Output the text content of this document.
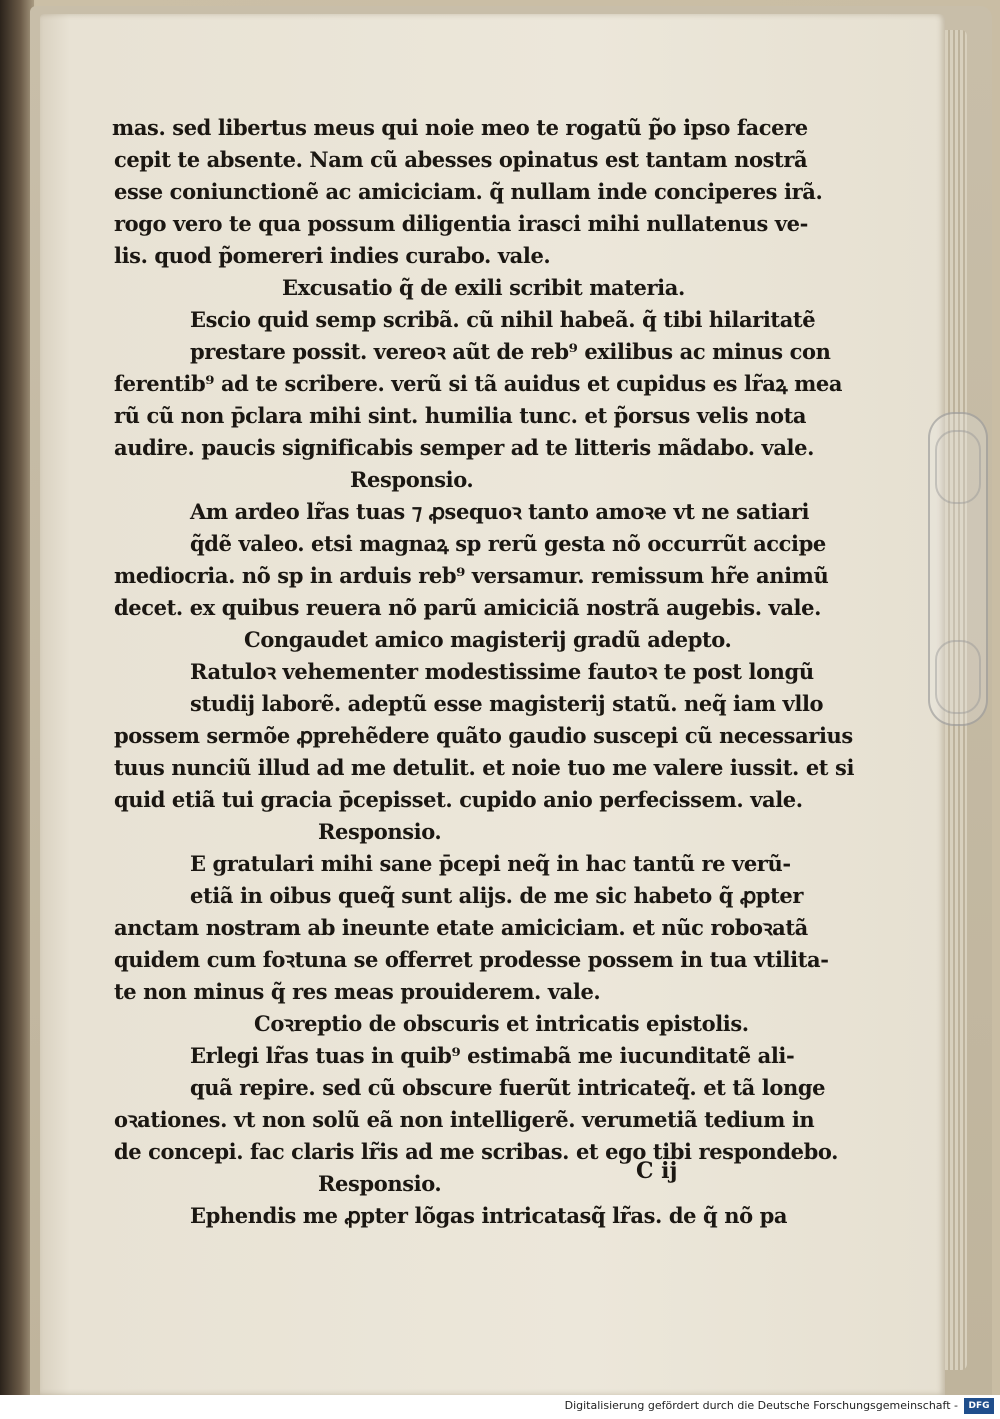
mas. sed libertus meus qui noie meo te rogatũ p̃o ipso facere
cepit te absente. Nam cũ abesses opinatus est tantam nostrã
esse coniunctionẽ ac amiciciam. q̃ nullam inde conciperes irã.
rogo vero te qua possum diligentia irasci mihi nullatenus ve-
lis. quod p̃omereri indies curabo. vale.
Excusatio q̃ de exili scribit materia.
Escio quid semp scribã. cũ nihil habeã. q̃ tibi hilaritatẽ
prestare possit. vereoꝛ aũt de reb⁹ exilibus ac minus con
ferentib⁹ ad te scribere. verũ si tã auidus et cupidus es lr̃aꝝ mea
rũ cũ non p̄clara mihi sint. humilia tunc. et p̃orsus velis nota
audire. paucis significabis semper ad te litteris mãdabo. vale.
Responsio.
Am ardeo lr̃as tuas ⁊ ꝓsequoꝛ tanto amoꝛe vt ne satiari
q̃dẽ valeo. etsi magnaꝝ sp rerũ gesta nõ occurrũt accipe
mediocria. nõ sp in arduis reb⁹ versamur. remissum hr̃e animũ
decet. ex quibus reuera nõ parũ amiciciã nostrã augebis. vale.
Congaudet amico magisterij gradũ adepto.
Ratuloꝛ vehementer modestissime fautoꝛ te post longũ
studij laborẽ. adeptũ esse magisterij statũ. neq̃ iam vllo
possem sermõe ꝓprehẽdere quãto gaudio suscepi cũ necessarius
tuus nunciũ illud ad me detulit. et noie tuo me valere iussit. et si
quid etiã tui gracia p̄cepisset. cupido anio perfecissem. vale.
Responsio.
E gratulari mihi sane p̄cepi neq̃ in hac tantũ re verũ-
etiã in oibus queq̃ sunt alijs. de me sic habeto q̃ ꝓpter
anctam nostram ab ineunte etate amiciciam. et nũc roboꝛatã
quidem cum foꝛtuna se offerret prodesse possem in tua vtilita-
te non minus q̃ res meas prouiderem. vale.
Coꝛreptio de obscuris et intricatis epistolis.
Erlegi lr̃as tuas in quib⁹ estimabã me iucunditatẽ ali-
quã repire. sed cũ obscure fuerũt intricateq̃. et tã longe
oꝛationes. vt non solũ eã non intelligerẽ. verumetiã tedium in
de concepi. fac claris lr̃is ad me scribas. et ego tibi respondebo.
Responsio.
Ephendis me ꝓpter lõgas intricatasq̃ lr̃as. de q̃ nõ pa
C ij
Digitalisierung gefördert durch die Deutsche Forschungsgemeinschaft -	DFG
